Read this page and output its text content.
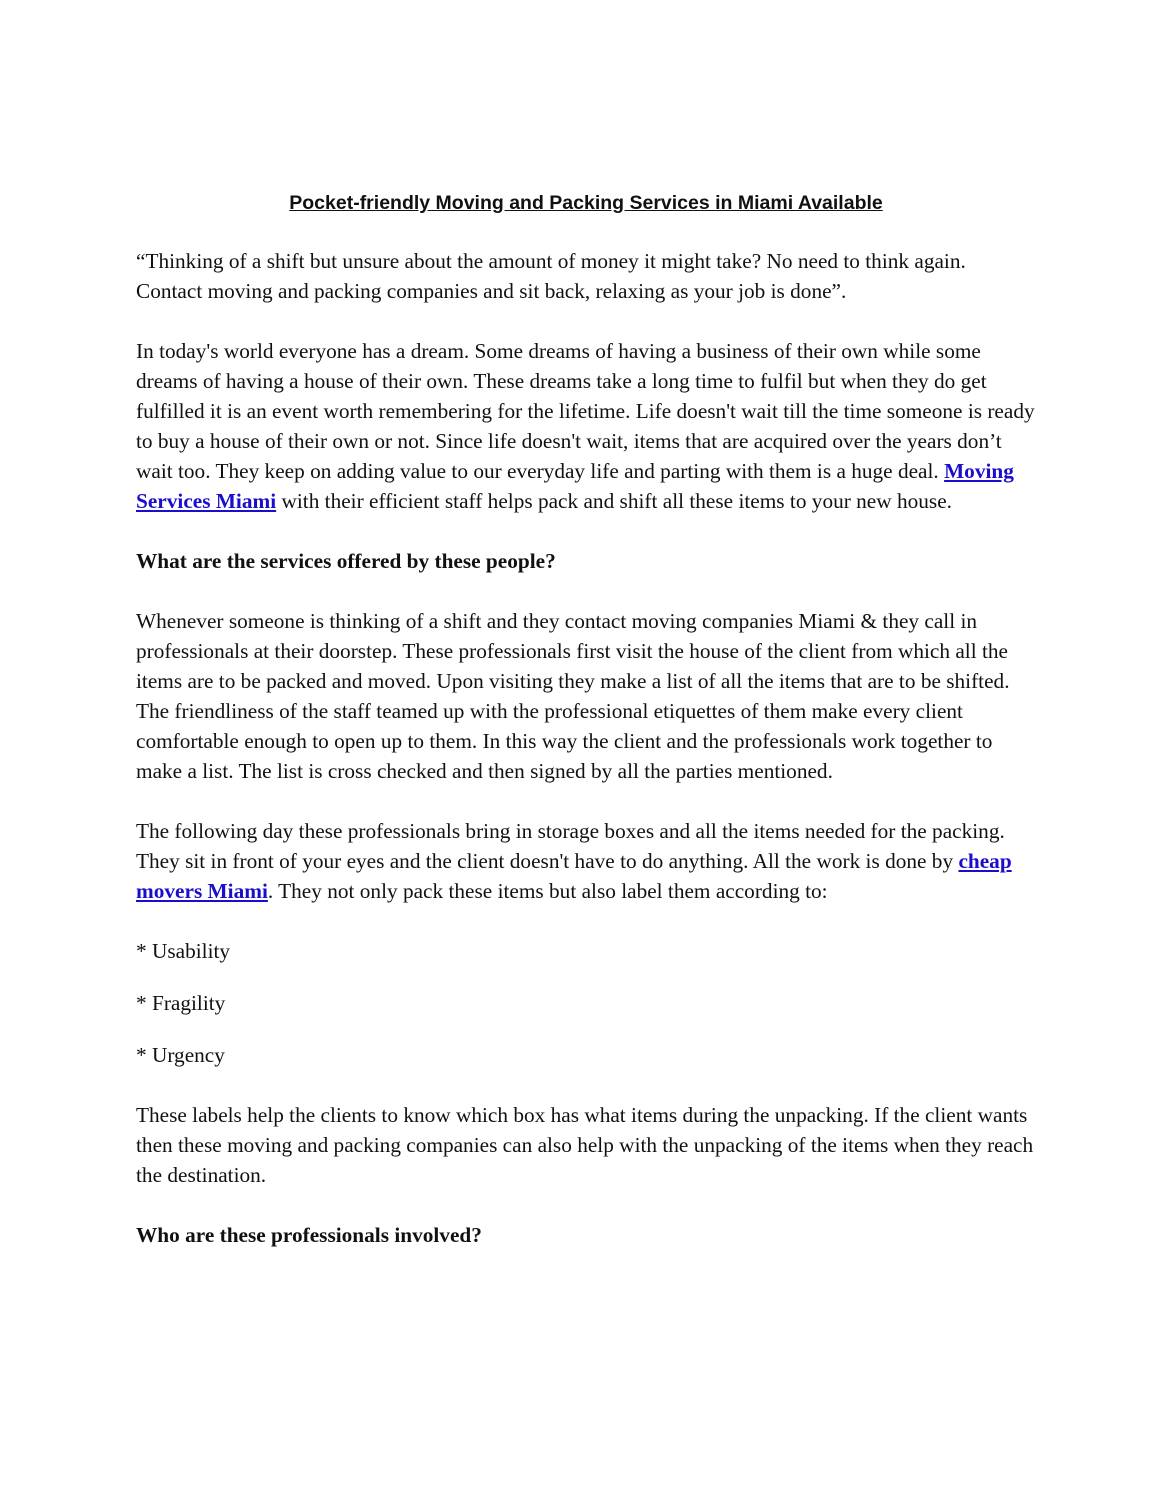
Pocket-friendly Moving and Packing Services in Miami Available

“Thinking of a shift but unsure about the amount of money it might take? No need to think again. Contact moving and packing companies and sit back, relaxing as your job is done”.

In today's world everyone has a dream. Some dreams of having a business of their own while some dreams of having a house of their own. These dreams take a long time to fulfil but when they do get fulfilled it is an event worth remembering for the lifetime. Life doesn't wait till the time someone is ready to buy a house of their own or not. Since life doesn't wait, items that are acquired over the years don’t wait too. They keep on adding value to our everyday life and parting with them is a huge deal. Moving Services Miami with their efficient staff helps pack and shift all these items to your new house.

What are the services offered by these people?

Whenever someone is thinking of a shift and they contact moving companies Miami & they call in professionals at their doorstep. These professionals first visit the house of the client from which all the items are to be packed and moved. Upon visiting they make a list of all the items that are to be shifted. The friendliness of the staff teamed up with the professional etiquettes of them make every client comfortable enough to open up to them. In this way the client and the professionals work together to make a list. The list is cross checked and then signed by all the parties mentioned.

The following day these professionals bring in storage boxes and all the items needed for the packing. They sit in front of your eyes and the client doesn't have to do anything. All the work is done by cheap movers Miami. They not only pack these items but also label them according to:

* Usability
* Fragility
* Urgency

These labels help the clients to know which box has what items during the unpacking. If the client wants then these moving and packing companies can also help with the unpacking of the items when they reach the destination.

Who are these professionals involved?
